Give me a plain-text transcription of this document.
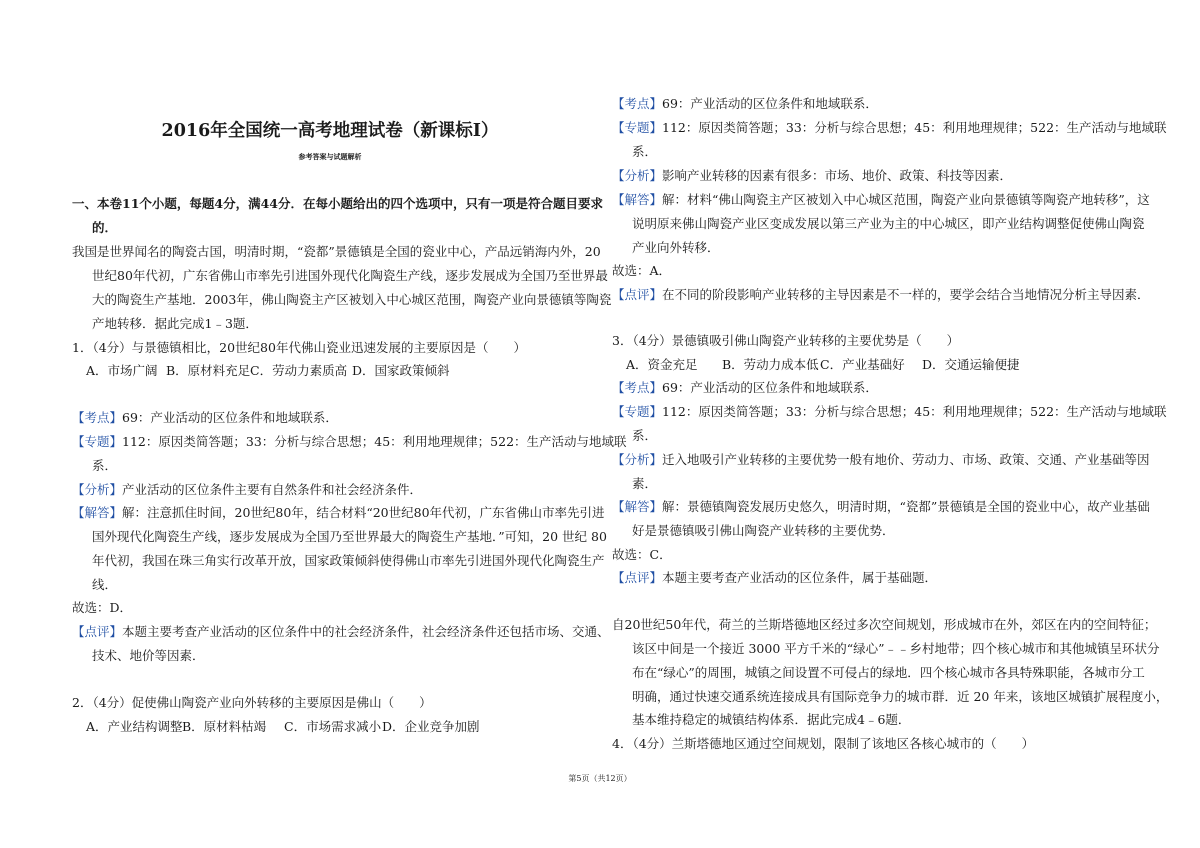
2016年全国统一高考地理试卷（新课标Ⅰ）
参考答案与试题解析
一、本卷11个小题，每题4分，满44分．在每小题给出的四个选项中，只有一项是符合题目要求
的．
我国是世界闻名的陶瓷古国，明清时期，“瓷都”景德镇是全国的瓷业中心，产品远销海内外，20
世纪80年代初，广东省佛山市率先引进国外现代化陶瓷生产线，逐步发展成为全国乃至世界最
大的陶瓷生产基地．2003年，佛山陶瓷主产区被划入中心城区范围，陶瓷产业向景德镇等陶瓷
产地转移．据此完成1﹣3题．
1．（4分）与景德镇相比，20世纪80年代佛山瓷业迅速发展的主要原因是（　　）
A．市场广阔 B．原材料充足C．劳动力素质高 D．国家政策倾斜
【考点】69：产业活动的区位条件和地域联系．
【专题】112：原因类简答题；33：分析与综合思想；45：利用地理规律；522：生产活动与地域联
系．
【分析】产业活动的区位条件主要有自然条件和社会经济条件．
【解答】解：注意抓住时间，20世纪80年，结合材料“20世纪80年代初，广东省佛山市率先引进
国外现代化陶瓷生产线，逐步发展成为全国乃至世界最大的陶瓷生产基地．”可知，20 世纪 80
年代初，我国在珠三角实行改革开放，国家政策倾斜使得佛山市率先引进国外现代化陶瓷生产
线．
故选：D．
【点评】本题主要考查产业活动的区位条件中的社会经济条件，社会经济条件还包括市场、交通、
技术、地价等因素．
2．（4分）促使佛山陶瓷产业向外转移的主要原因是佛山（　　）
A．产业结构调整B．原材料枯竭 C．市场需求减小D．企业竞争加剧
【考点】69：产业活动的区位条件和地域联系．
【专题】112：原因类简答题；33：分析与综合思想；45：利用地理规律；522：生产活动与地域联
系．
【分析】影响产业转移的因素有很多：市场、地价、政策、科技等因素．
【解答】解：材料“佛山陶瓷主产区被划入中心城区范围，陶瓷产业向景德镇等陶瓷产地转移”，这
说明原来佛山陶瓷产业区变成发展以第三产业为主的中心城区，即产业结构调整促使佛山陶瓷
产业向外转移．
故选：A．
【点评】在不同的阶段影响产业转移的主导因素是不一样的，要学会结合当地情况分析主导因素．
3．（4分）景德镇吸引佛山陶瓷产业转移的主要优势是（　　）
A．资金充足 B．劳动力成本低C．产业基础好 D．交通运输便捷
【考点】69：产业活动的区位条件和地域联系．
【专题】112：原因类简答题；33：分析与综合思想；45：利用地理规律；522：生产活动与地域联
系．
【分析】迁入地吸引产业转移的主要优势一般有地价、劳动力、市场、政策、交通、产业基础等因
素．
【解答】解：景德镇陶瓷发展历史悠久，明清时期，“瓷都”景德镇是全国的瓷业中心，故产业基础
好是景德镇吸引佛山陶瓷产业转移的主要优势．
故选：C．
【点评】本题主要考查产业活动的区位条件，属于基础题．
自20世纪50年代，荷兰的兰斯塔德地区经过多次空间规划，形成城市在外，郊区在内的空间特征；
该区中间是一个接近 3000 平方千米的“绿心”﹣﹣乡村地带；四个核心城市和其他城镇呈环状分
布在“绿心”的周围，城镇之间设置不可侵占的绿地．四个核心城市各具特殊职能，各城市分工
明确，通过快速交通系统连接成具有国际竞争力的城市群．近 20 年来，该地区城镇扩展程度小，
基本维持稳定的城镇结构体系．据此完成4﹣6题．
4．（4分）兰斯塔德地区通过空间规划，限制了该地区各核心城市的（　　）
第5页（共12页）
